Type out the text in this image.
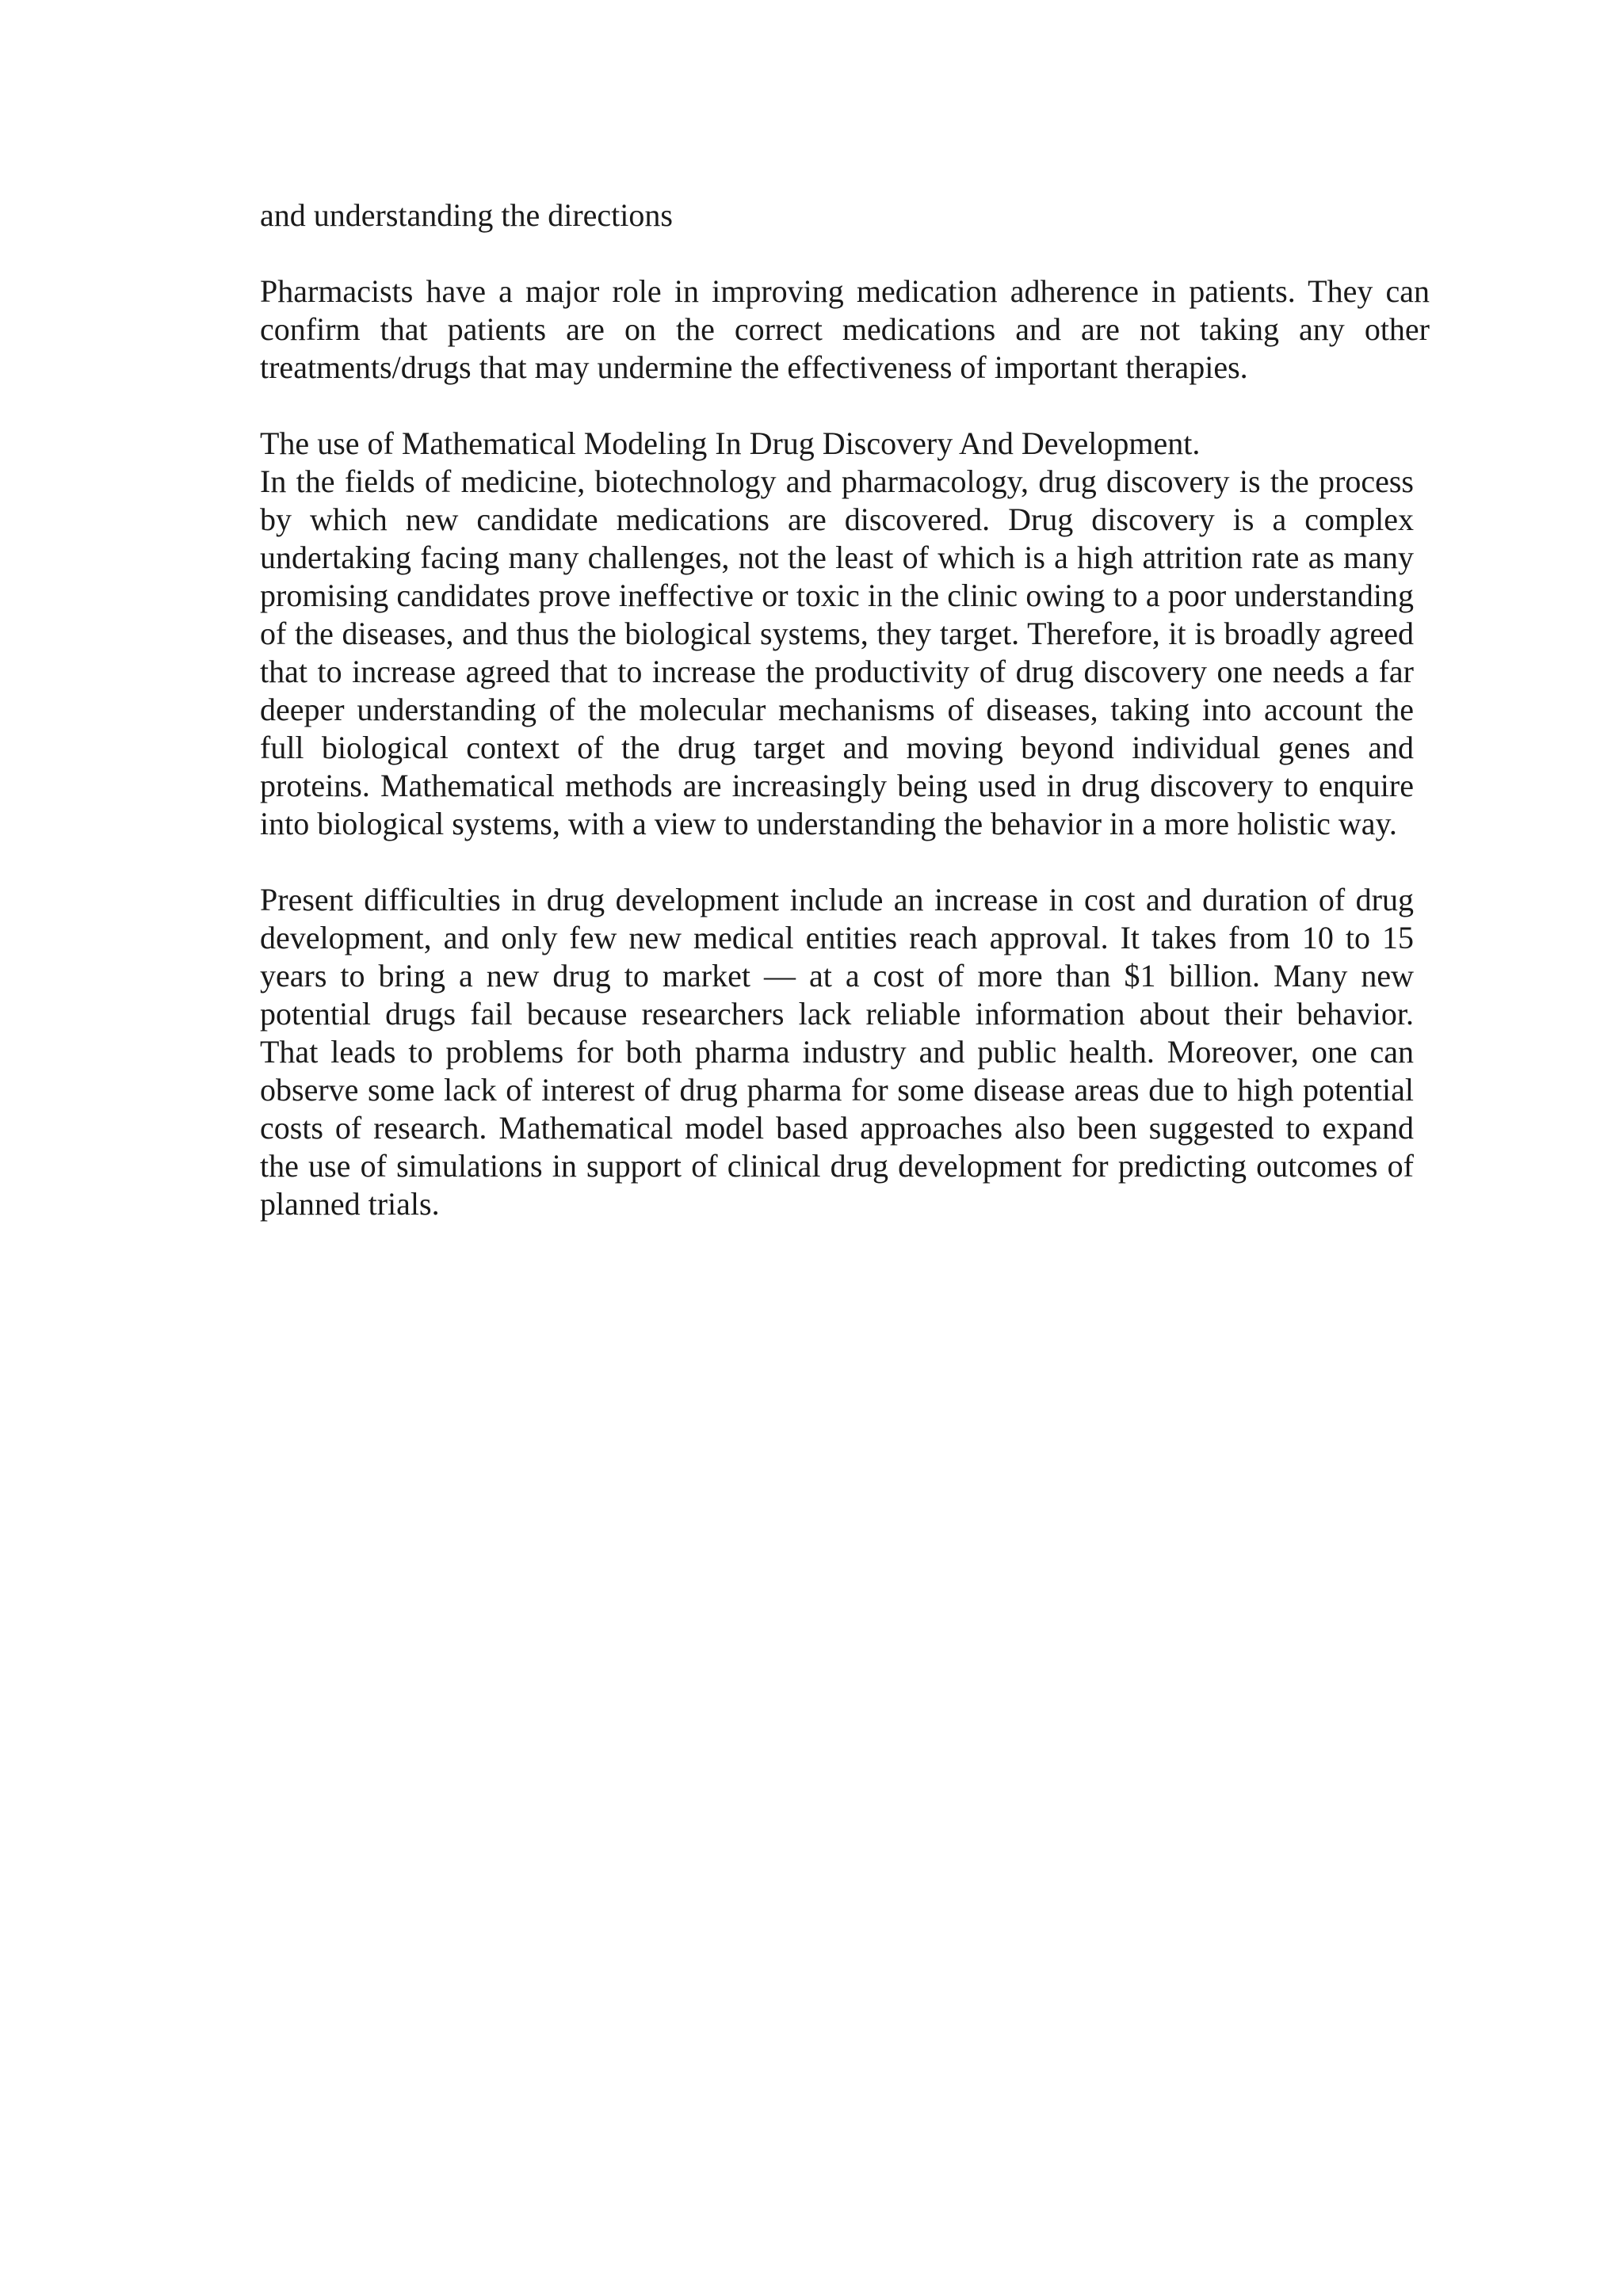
and understanding the directions

Pharmacists have a major role in improving medication adherence in patients. They can confirm that patients are on the correct medications and are not taking any other treatments/drugs that may undermine the effectiveness of important therapies.

The use of Mathematical Modeling In Drug Discovery And Development.

In the fields of medicine, biotechnology and pharmacology, drug discovery is the process by which new candidate medications are discovered. Drug discovery is a complex undertaking facing many challenges, not the least of which is a high attrition rate as many promising candidates prove ineffective or toxic in the clinic owing to a poor understanding of the diseases, and thus the biological systems, they target. Therefore, it is broadly agreed that to increase agreed that to increase the productivity of drug discovery one needs a far deeper understanding of the molecular mechanisms of diseases, taking into account the full biological context of the drug target and moving beyond individual genes and proteins. Mathematical methods are increasingly being used in drug discovery to enquire into biological systems, with a view to understanding the behavior in a more holistic way.

Present difficulties in drug development include an increase in cost and duration of drug development, and only few new medical entities reach approval. It takes from 10 to 15 years to bring a new drug to market — at a cost of more than $1 billion. Many new potential drugs fail because researchers lack reliable information about their behavior. That leads to problems for both pharma industry and public health. Moreover, one can observe some lack of interest of drug pharma for some disease areas due to high potential costs of research. Mathematical model based approaches also been suggested to expand the use of simulations in support of clinical drug development for predicting outcomes of planned trials.
